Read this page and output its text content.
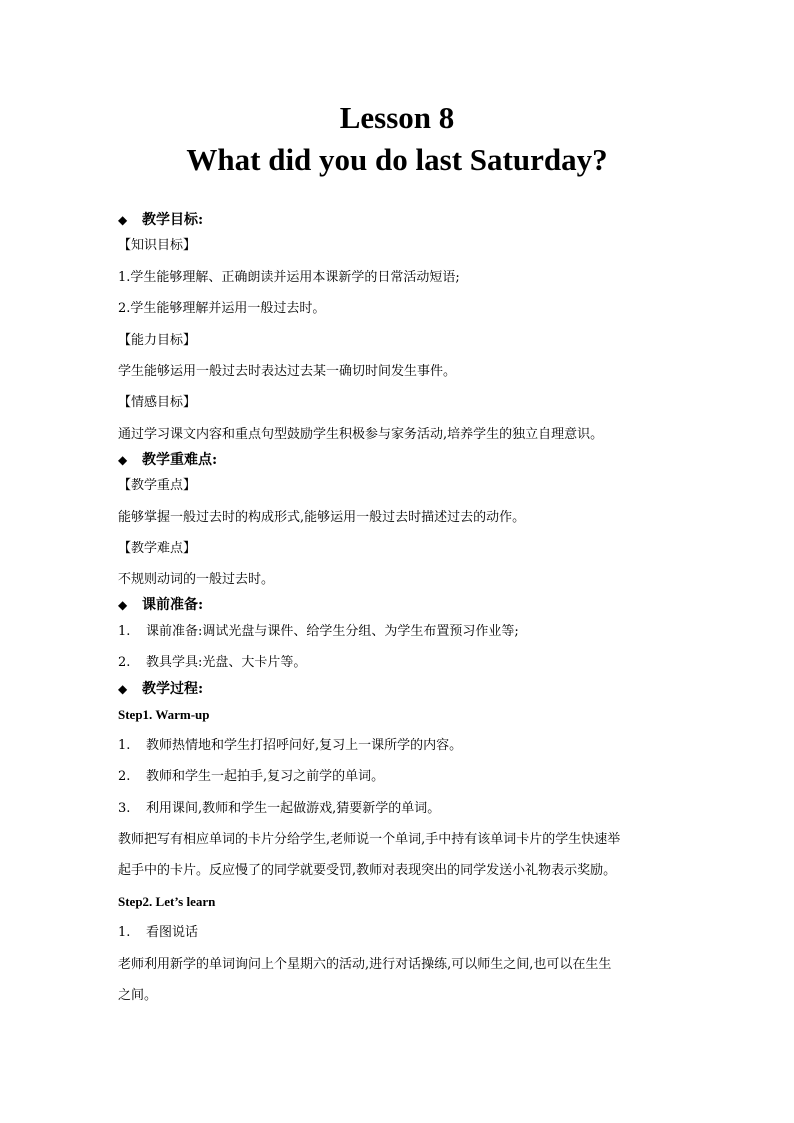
Lesson 8
What did you do last Saturday?
◆ 教学目标:
【知识目标】
1.学生能够理解、正确朗读并运用本课新学的日常活动短语;
2.学生能够理解并运用一般过去时。
【能力目标】
学生能够运用一般过去时表达过去某一确切时间发生事件。
【情感目标】
通过学习课文内容和重点句型鼓励学生积极参与家务活动,培养学生的独立自理意识。
◆ 教学重难点:
【教学重点】
能够掌握一般过去时的构成形式,能够运用一般过去时描述过去的动作。
【教学难点】
不规则动词的一般过去时。
◆ 课前准备:
1. 课前准备:调试光盘与课件、给学生分组、为学生布置预习作业等;
2. 教具学具:光盘、大卡片等。
◆ 教学过程:
Step1. Warm-up
1. 教师热情地和学生打招呼问好,复习上一课所学的内容。
2. 教师和学生一起拍手,复习之前学的单词。
3. 利用课间,教师和学生一起做游戏,猜要新学的单词。
教师把写有相应单词的卡片分给学生,老师说一个单词,手中持有该单词卡片的学生快速举
起手中的卡片。反应慢了的同学就要受罚,教师对表现突出的同学发送小礼物表示奖励。
Step2. Let’s learn
1. 看图说话
老师利用新学的单词询问上个星期六的活动,进行对话操练,可以师生之间,也可以在生生
之间。
